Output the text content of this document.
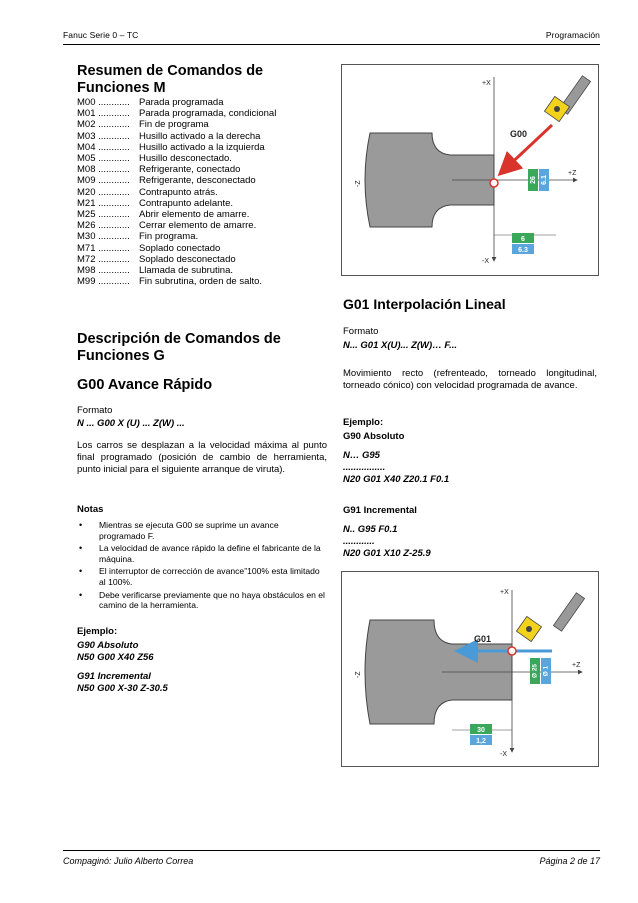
Fanuc Serie 0 – TC	Programación
Resumen de Comandos de
Funciones M
M00 ............ Parada programada
M01 ............ Parada programada, condicional
M02 ............ Fin de programa
M03 ............ Husillo activado a la derecha
M04 ............ Husillo activado a la izquierda
M05 ............ Husillo desconectado.
M08 ............ Refrigerante, conectado
M09 ............ Refrigerante, desconectado
M20 ............ Contrapunto atrás.
M21 ............ Contrapunto adelante.
M25 ............ Abrir elemento de amarre.
M26 ............ Cerrar elemento de amarre.
M30 ............ Fin programa.
M71 ............ Soplado conectado
M72 ............ Soplado desconectado
M98 ............ Llamada de subrutina.
M99 ............ Fin subrutina, orden de salto.
Descripción de Comandos de
Funciones G
G00 Avance Rápido
Formato
N ... G00 X (U) ... Z(W) ...
Los carros se desplazan a la velocidad máxima al punto final programado (posición de cambio de herramienta, punto inicial para el siguiente arranque de viruta).
Notas
• Mientras se ejecuta G00 se suprime un avance programado F.
• La velocidad de avance rápido la define el fabricante de la máquina.
• El interruptor de corrección de avance”100% esta limitado al 100%.
• Debe verificarse previamente que no haya obstáculos en el camino de la herramienta.
Ejemplo:
G90 Absoluto
N50 G00 X40 Z56
G91 Incremental
N50 G00 X-30 Z-30.5
+X
-X
+Z
-Z
G00
26 6.1
6
6.3
G01 Interpolación Lineal
Formato
N... G01 X(U)... Z(W)… F...
Movimiento recto (refrenteado, torneado longitudinal, torneado cónico) con velocidad programada de avance.
Ejemplo:
G90 Absoluto
N… G95
................
N20 G01 X40 Z20.1 F0.1
G91 Incremental
N.. G95 F0.1
............
N20 G01 X10 Z-25.9
+X
-X
+Z
-Z
G01
Ø 25 Ø 1
30
1,2
Compaginó: Julio Alberto Correa	Página 2 de 17
